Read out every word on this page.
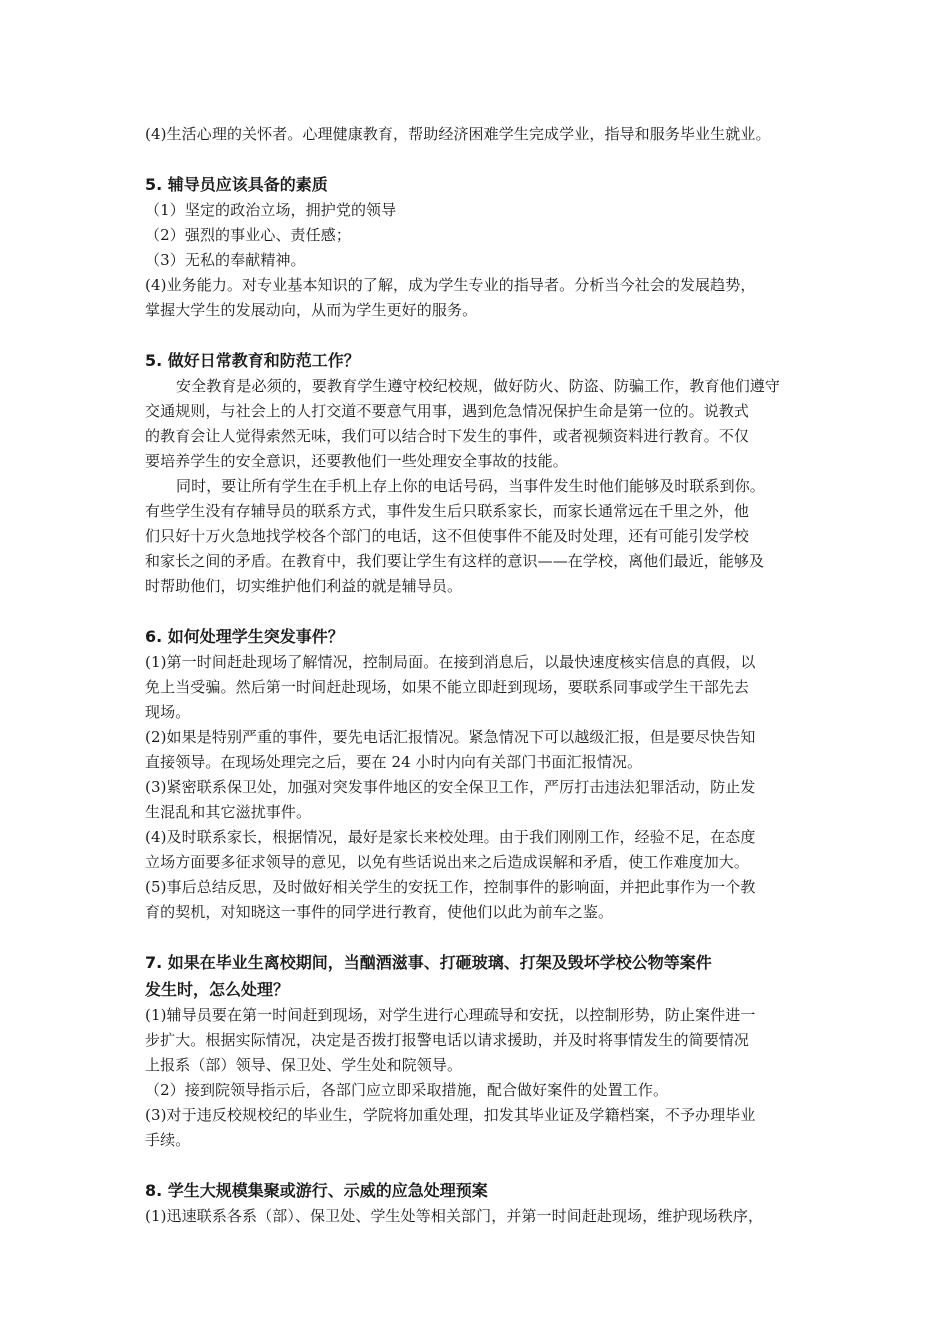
(4)生活心理的关怀者。心理健康教育，帮助经济困难学生完成学业，指导和服务毕业生就业。
5. 辅导员应该具备的素质
（1）坚定的政治立场，拥护党的领导
（2）强烈的事业心、责任感；
（3）无私的奉献精神。
(4)业务能力。对专业基本知识的了解，成为学生专业的指导者。分析当今社会的发展趋势，
掌握大学生的发展动向，从而为学生更好的服务。
5. 做好日常教育和防范工作？
安全教育是必须的，要教育学生遵守校纪校规，做好防火、防盗、防骗工作，教育他们遵守
交通规则，与社会上的人打交道不要意气用事，遇到危急情况保护生命是第一位的。说教式
的教育会让人觉得索然无味，我们可以结合时下发生的事件，或者视频资料进行教育。不仅
要培养学生的安全意识，还要教他们一些处理安全事故的技能。
同时，要让所有学生在手机上存上你的电话号码，当事件发生时他们能够及时联系到你。
有些学生没有存辅导员的联系方式，事件发生后只联系家长，而家长通常远在千里之外，他
们只好十万火急地找学校各个部门的电话，这不但使事件不能及时处理，还有可能引发学校
和家长之间的矛盾。在教育中，我们要让学生有这样的意识——在学校，离他们最近，能够及
时帮助他们，切实维护他们利益的就是辅导员。
6. 如何处理学生突发事件？
(1)第一时间赶赴现场了解情况，控制局面。在接到消息后，以最快速度核实信息的真假，以
免上当受骗。然后第一时间赶赴现场，如果不能立即赶到现场，要联系同事或学生干部先去
现场。
(2)如果是特别严重的事件，要先电话汇报情况。紧急情况下可以越级汇报，但是要尽快告知
直接领导。在现场处理完之后，要在 24 小时内向有关部门书面汇报情况。
(3)紧密联系保卫处，加强对突发事件地区的安全保卫工作，严厉打击违法犯罪活动，防止发
生混乱和其它滋扰事件。
(4)及时联系家长，根据情况，最好是家长来校处理。由于我们刚刚工作，经验不足，在态度
立场方面要多征求领导的意见，以免有些话说出来之后造成误解和矛盾，使工作难度加大。
(5)事后总结反思，及时做好相关学生的安抚工作，控制事件的影响面，并把此事作为一个教
育的契机，对知晓这一事件的同学进行教育，使他们以此为前车之鉴。
7. 如果在毕业生离校期间，当酗酒滋事、打砸玻璃、打架及毁坏学校公物等案件
发生时，怎么处理？
(1)辅导员要在第一时间赶到现场，对学生进行心理疏导和安抚，以控制形势，防止案件进一
步扩大。根据实际情况，决定是否拨打报警电话以请求援助，并及时将事情发生的简要情况
上报系（部）领导、保卫处、学生处和院领导。
（2）接到院领导指示后，各部门应立即采取措施，配合做好案件的处置工作。
(3)对于违反校规校纪的毕业生，学院将加重处理，扣发其毕业证及学籍档案，不予办理毕业
手续。
8. 学生大规模集聚或游行、示威的应急处理预案
(1)迅速联系各系（部）、保卫处、学生处等相关部门，并第一时间赶赴现场，维护现场秩序，
